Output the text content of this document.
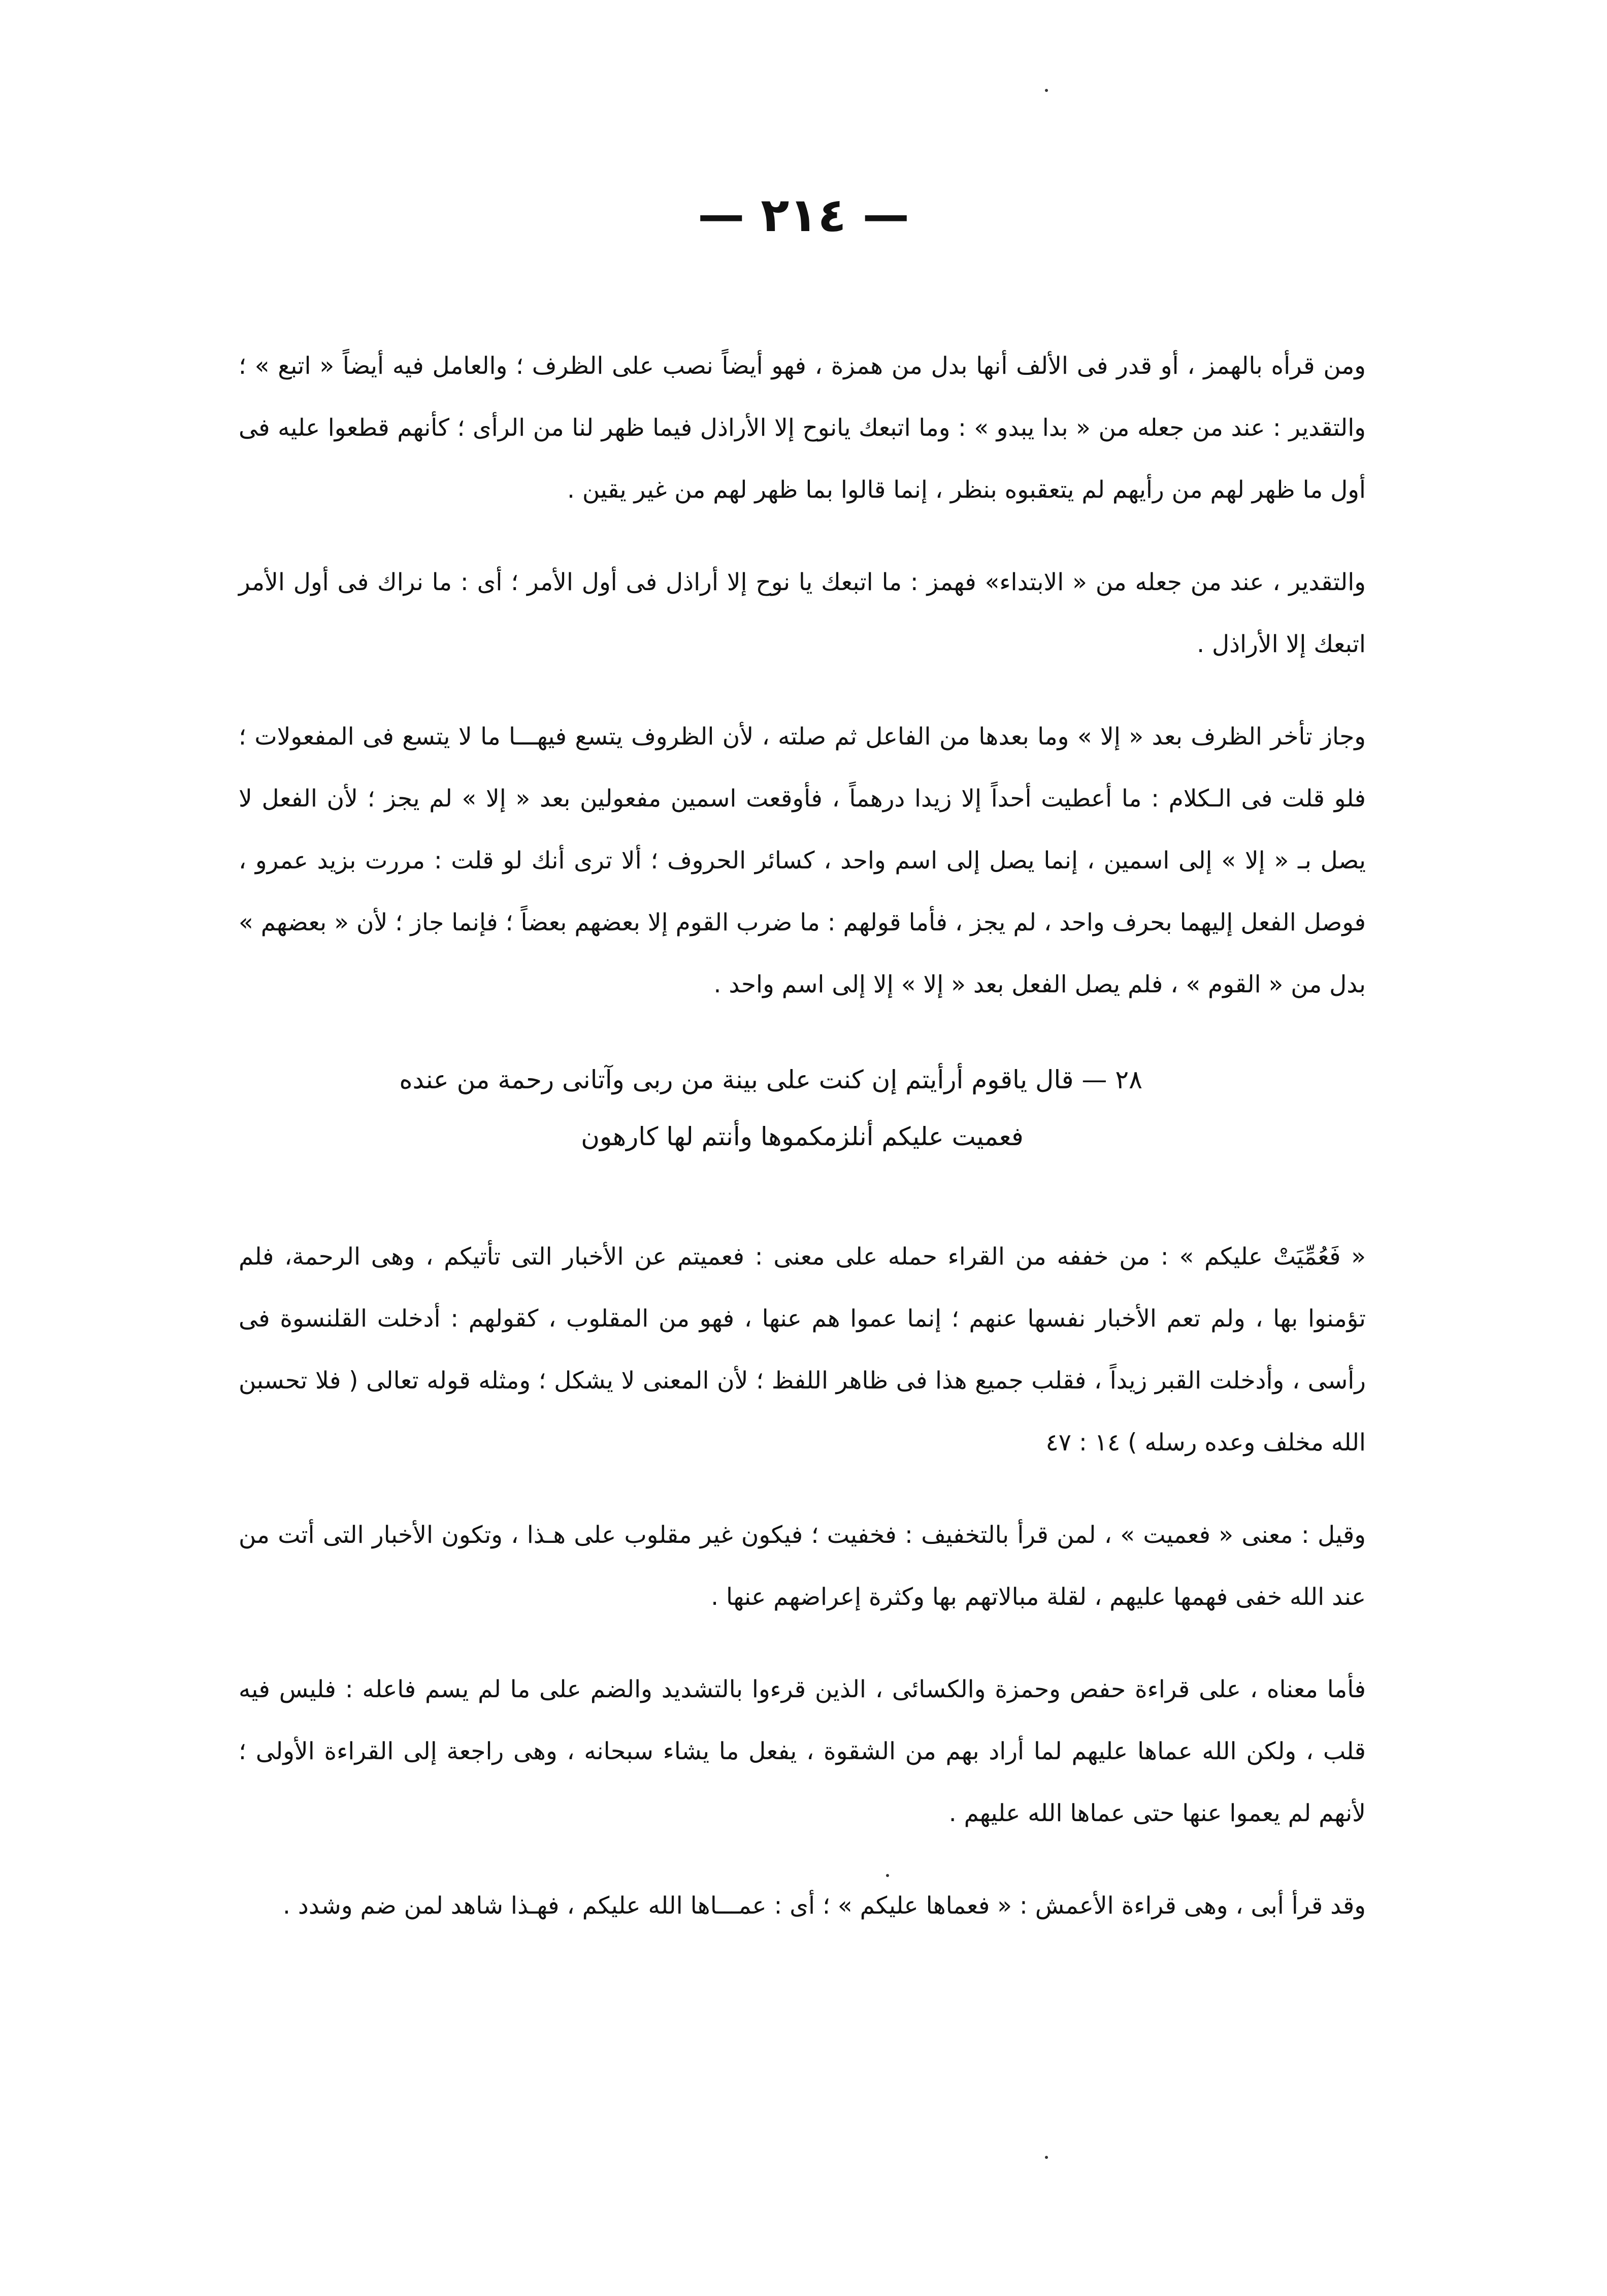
— ٢١٤ —

ومن قرأه بالهمز ، أو قدر فى الألف أنها بدل من همزة ، فهو أيضاً نصب على الظرف ؛ والعامل فيه أيضاً « اتبع » ؛ والتقدير : عند من جعله من « بدا يبدو » : وما اتبعك يانوح إلا الأراذل فيما ظهر لنا من الرأى ؛ كأنهم قطعوا عليه فى أول ما ظهر لهم من رأيهم لم يتعقبوه بنظر ، إنما قالوا بما ظهر لهم من غير يقين .

والتقدير ، عند من جعله من « الابتداء» فهمز : ما اتبعك يا نوح إلا أراذل فى أول الأمر ؛ أى : ما نراك فى أول الأمر اتبعك إلا الأراذل .

وجاز تأخر الظرف بعد « إلا » وما بعدها من الفاعل ثم صلته ، لأن الظروف يتسع فيهـــا ما لا يتسع فى المفعولات ؛ فلو قلت فى الـكلام : ما أعطيت أحداً إلا زيدا درهماً ، فأوقعت اسمين مفعولين بعد « إلا » لم يجز ؛ لأن الفعل لا يصل بـ « إلا » إلى اسمين ، إنما يصل إلى اسم واحد ، كسائر الحروف ؛ ألا ترى أنك لو قلت : مررت بزيد عمرو ، فوصل الفعل إليهما بحرف واحد ، لم يجز ، فأما قولهم : ما ضرب القوم إلا بعضهم بعضاً ؛ فإنما جاز ؛ لأن « بعضهم » بدل من « القوم » ، فلم يصل الفعل بعد « إلا » إلا إلى اسم واحد .

٢٨ — قال ياقوم أرأيتم إن كنت على بينة من ربى وآتانى رحمة من عنده
فعميت عليكم أنلزمكموها وأنتم لها كارهون

« فَعُمِّيَتْ عليكم » : من خففه من القراء حمله على معنى : فعميتم عن الأخبار التى تأتيكم ، وهى الرحمة، فلم تؤمنوا بها ، ولم تعم الأخبار نفسها عنهم ؛ إنما عموا هم عنها ، فهو من المقلوب ، كقولهم : أدخلت القلنسوة فى رأسى ، وأدخلت القبر زيداً ، فقلب جميع هذا فى ظاهر اللفظ ؛ لأن المعنى لا يشكل ؛ ومثله قوله تعالى ( فلا تحسبن الله مخلف وعده رسله ) ١٤ : ٤٧

وقيل : معنى « فعميت » ، لمن قرأ بالتخفيف : فخفيت ؛ فيكون غير مقلوب على هـذا ، وتكون الأخبار التى أتت من عند الله خفى فهمها عليهم ، لقلة مبالاتهم بها وكثرة إعراضهم عنها .

فأما معناه ، على قراءة حفص وحمزة والكسائى ، الذين قرءوا بالتشديد والضم على ما لم يسم فاعله : فليس فيه قلب ، ولكن الله عماها عليهم لما أراد بهم من الشقوة ، يفعل ما يشاء سبحانه ، وهى راجعة إلى القراءة الأولى ؛ لأنهم لم يعموا عنها حتى عماها الله عليهم .

وقد قرأ أبى ، وهى قراءة الأعمش : « فعماها عليكم » ؛ أى : عمـــاها الله عليكم ، فهـذا شاهد لمن ضم وشدد .
